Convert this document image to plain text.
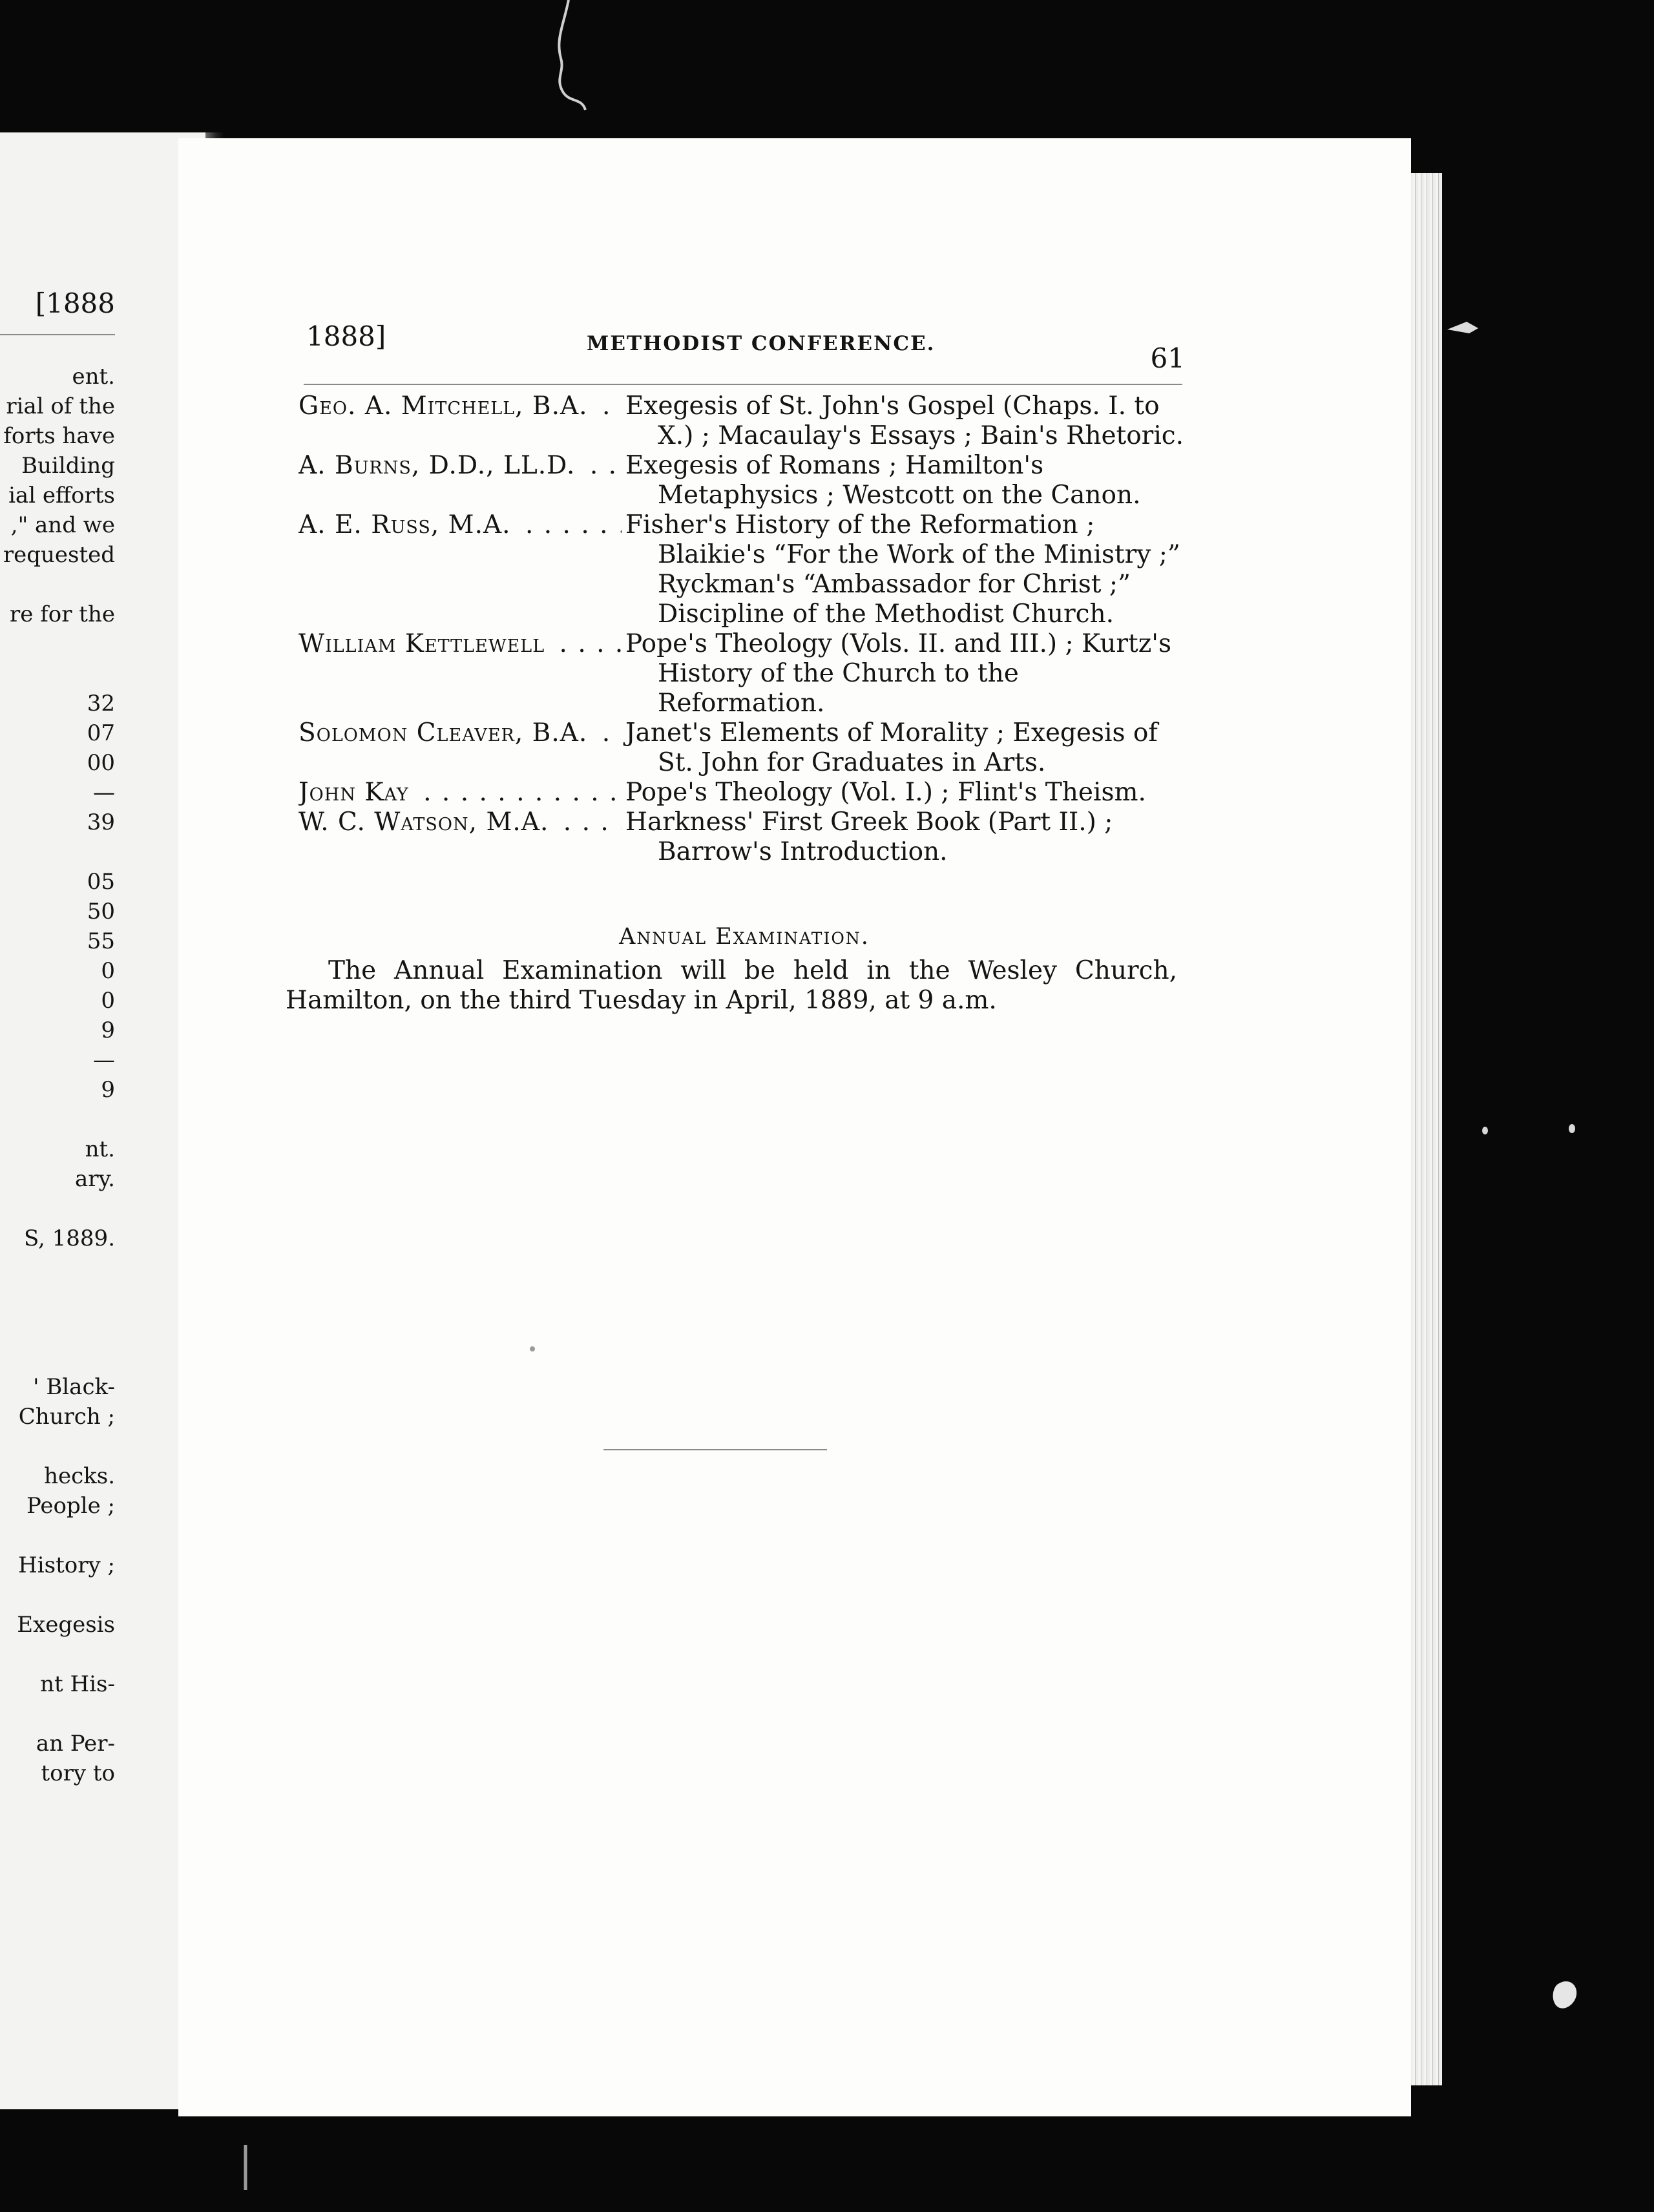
[1888
ent.
rial of the
forts have
Building
ial efforts
," and we
requested
re for the
32
07
00
—
39
05
50
55
0
0
9
—
9
nt.
ary.
S, 1889.
' Black-
Church ;
hecks.
People ;
History ;
Exegesis
nt His-
an Per-
tory to
1888]	METHODIST CONFERENCE.	61
Geo. A. Mitchell, B.A. . . .	Exegesis of St. John's Gospel (Chaps. I. to X.) ; Macaulay's Essays ; Bain's Rhetoric.
A. Burns, D.D., LL.D. . . .	Exegesis of Romans ; Hamilton's Metaphysics ; Westcott on the Canon.
A. E. Russ, M.A. . . .	Fisher's History of the Reformation ; Blaikie's “For the Work of the Ministry ;” Ryckman's “Ambassador for Christ ;” Discipline of the Methodist Church.
William Kettlewell . . .	Pope's Theology (Vols. II. and III.) ; Kurtz's History of the Church to the Reformation.
Solomon Cleaver, B.A. . . .	Janet's Elements of Morality ; Exegesis of St. John for Graduates in Arts.
John Kay . . .	Pope's Theology (Vol. I.) ; Flint's Theism.
W. C. Watson, M.A. . . .	Harkness' First Greek Book (Part II.) ; Barrow's Introduction.
Annual Examination.
The Annual Examination will be held in the Wesley Church, Hamilton, on the third Tuesday in April, 1889, at 9 a.m.
